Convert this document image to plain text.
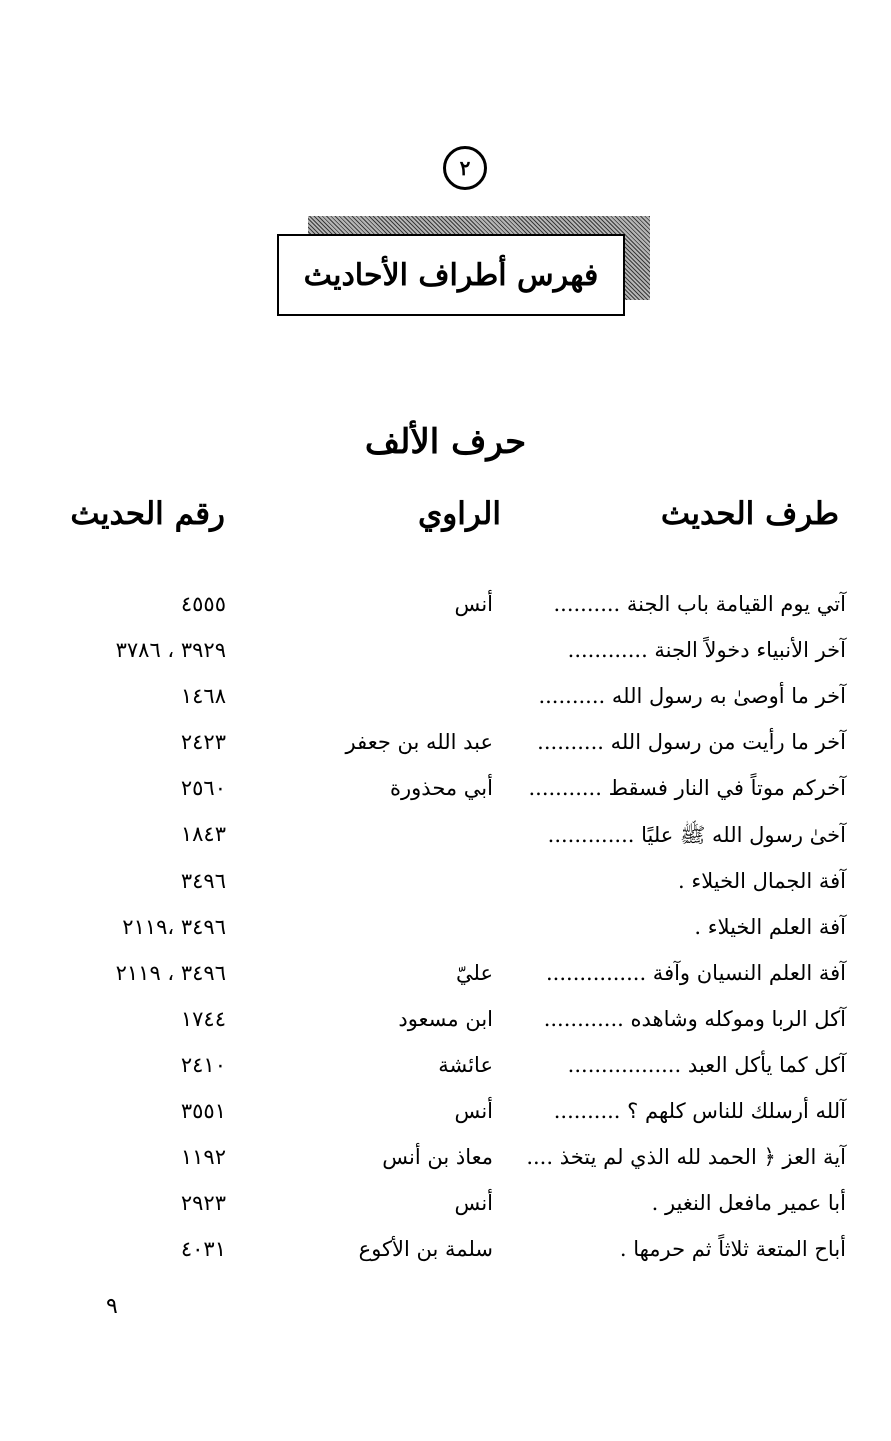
٢
فهرس أطراف الأحاديث
حرف الألف
طرف الحديث
الراوي
رقم الحديث
آتي يوم القيامة باب الجنة ..........
أنس
٤٥٥٥
آخر الأنبياء دخولاً الجنة ............
٣٩٢٩ ، ٣٧٨٦
آخر ما أوصىٰ به رسول الله ..........
١٤٦٨
آخر ما رأيت من رسول الله ..........
عبد الله بن جعفر
٢٤٢٣
آخركم موتاً في النار فسقط ...........
أبي محذورة
٢٥٦٠
آخىٰ رسول الله ﷺ عليًا .............
١٨٤٣
آفة الجمال الخيلاء .
٣٤٩٦
آفة العلم الخيلاء .
٣٤٩٦ ،٢١١٩
آفة العلم النسيان وآفة ...............
عليّ
٣٤٩٦ ، ٢١١٩
آكل الربا وموكله وشاهده ............
ابن مسعود
١٧٤٤
آكل كما يأكل العبد .................
عائشة
٢٤١٠
آلله أرسلك للناس كلهم ؟ ..........
أنس
٣٥٥١
آية العز ﴿ الحمد لله الذي لم يتخذ ....
معاذ بن أنس
١١٩٢
أبا عمير مافعل النغير .
أنس
٢٩٢٣
أباح المتعة ثلاثاً ثم حرمها .
سلمة بن الأكوع
٤٠٣١
٩
